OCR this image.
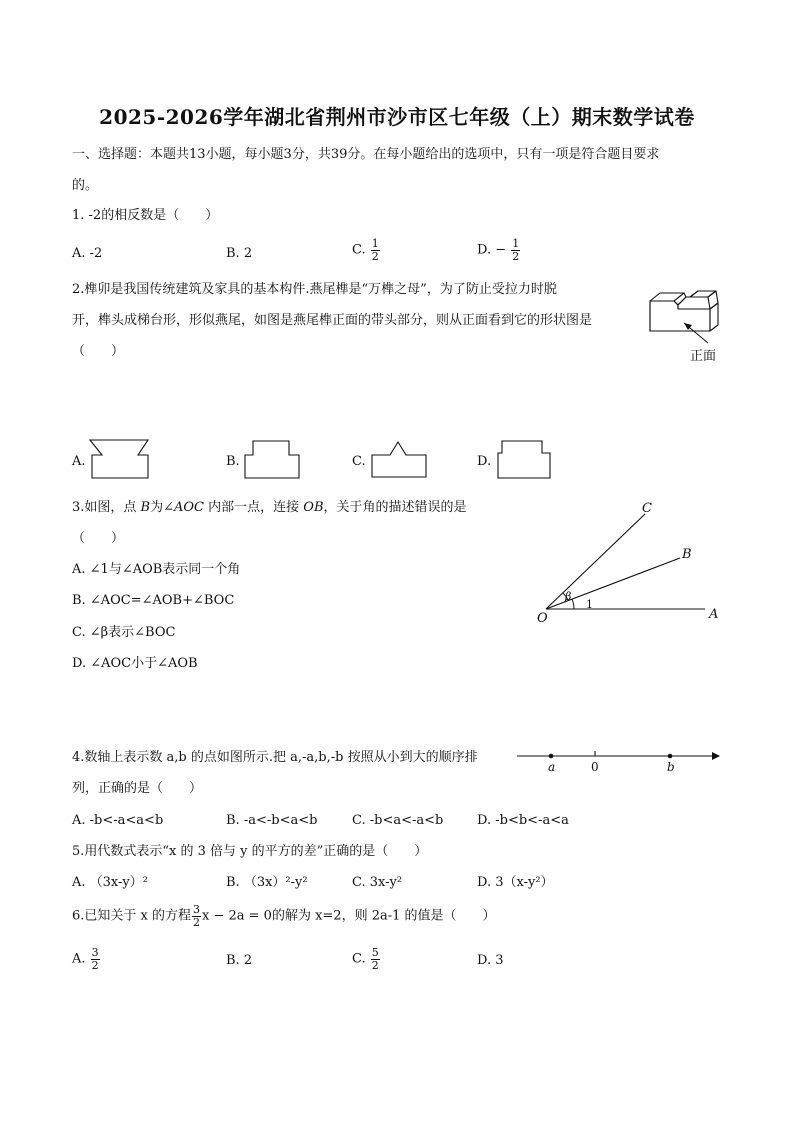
2025-2026学年湖北省荆州市沙市区七年级（上）期末数学试卷
一、选择题：本题共13小题，每小题3分，共39分。在每小题给出的选项中，只有一项是符合题目要求
的。
1. -2的相反数是（　　）
A. -2	B. 2	C. $\frac{1}{2}$	D. − $\frac{1}{2}$
2.榫卯是我国传统建筑及家具的基本构件.燕尾榫是“万榫之母”，为了防止受拉力时脱
开，榫头成梯台形，形似燕尾，如图是燕尾榫正面的带头部分，则从正面看到它的形状图是
（　　）	正面
A.	B.	C.	D.
3.如图，点 B为∠AOC 内部一点，连接 OB，关于角的描述错误的是
（　　）
A. ∠1与∠AOB表示同一个角
B. ∠AOC=∠AOB+∠BOC
C. ∠β表示∠BOC
D. ∠AOC小于∠AOB
C
B
A
O
β
1
4.数轴上表示数 a,b 的点如图所示.把 a,-a,b,-b 按照从小到大的顺序排
列，正确的是（　　）
a	0	b
A. -b<-a<a<b	B. -a<-b<a<b	C. -b<a<-a<b	D. -b<b<-a<a
5.用代数式表示“x 的 3 倍与 y 的平方的差”正确的是（　　）
A. （3x-y）²	B. （3x）²-y²	C. 3x-y²	D. 3（x-y²）
6.已知关于 x 的方程 $\frac{3}{2}$ x − 2a = 0的解为 x=2，则 2a-1 的值是（　　）
A. $\frac{3}{2}$	B. 2	C. $\frac{5}{2}$	D. 3
